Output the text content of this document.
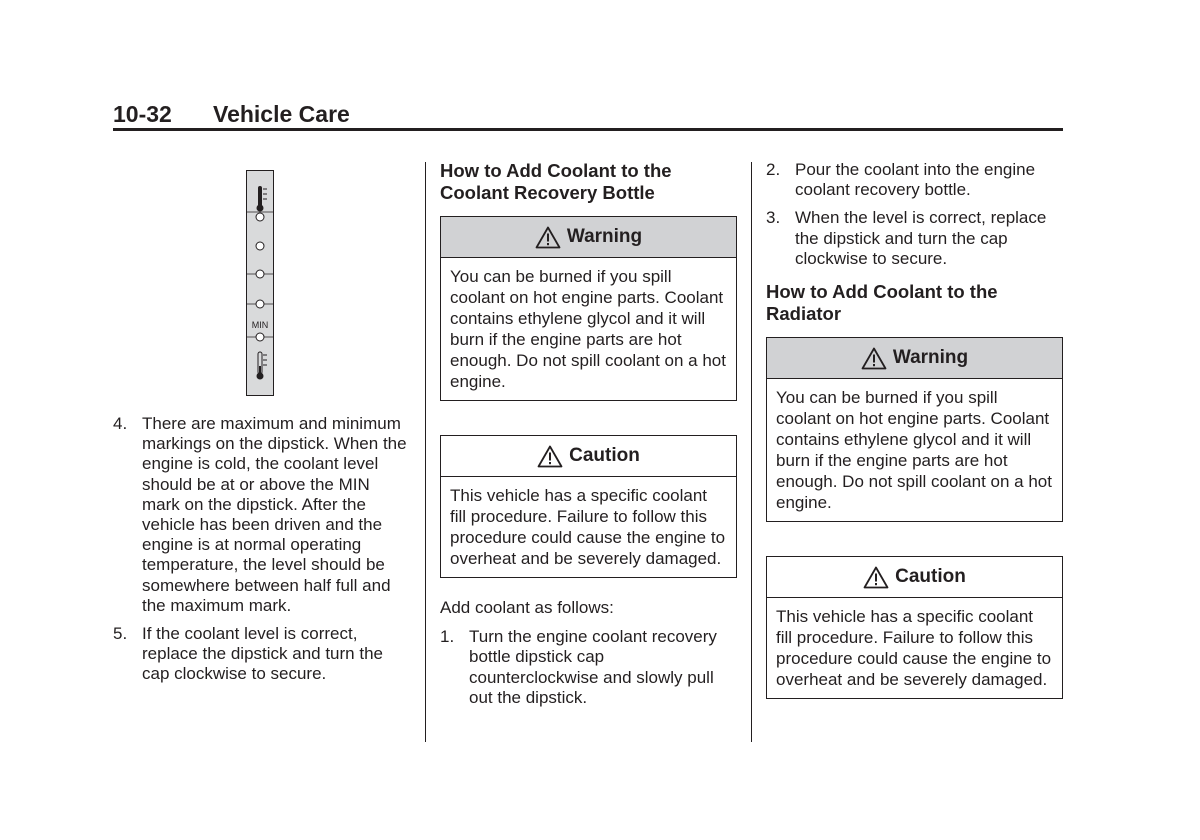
10-32 Vehicle Care
MIN
4. There are maximum and minimum markings on the dipstick. When the engine is cold, the coolant level should be at or above the MIN mark on the dipstick. After the vehicle has been driven and the engine is at normal operating temperature, the level should be somewhere between half full and the maximum mark.
5. If the coolant level is correct, replace the dipstick and turn the cap clockwise to secure.
How to Add Coolant to the Coolant Recovery Bottle
Warning
You can be burned if you spill coolant on hot engine parts. Coolant contains ethylene glycol and it will burn if the engine parts are hot enough. Do not spill coolant on a hot engine.
Caution
This vehicle has a specific coolant fill procedure. Failure to follow this procedure could cause the engine to overheat and be severely damaged.

Add coolant as follows:

1. Turn the engine coolant recovery bottle dipstick cap counterclockwise and slowly pull out the dipstick.
2. Pour the coolant into the engine coolant recovery bottle.
3. When the level is correct, replace the dipstick and turn the cap clockwise to secure.
How to Add Coolant to the Radiator
Warning
You can be burned if you spill coolant on hot engine parts. Coolant contains ethylene glycol and it will burn if the engine parts are hot enough. Do not spill coolant on a hot engine.
Caution
This vehicle has a specific coolant fill procedure. Failure to follow this procedure could cause the engine to overheat and be severely damaged.
